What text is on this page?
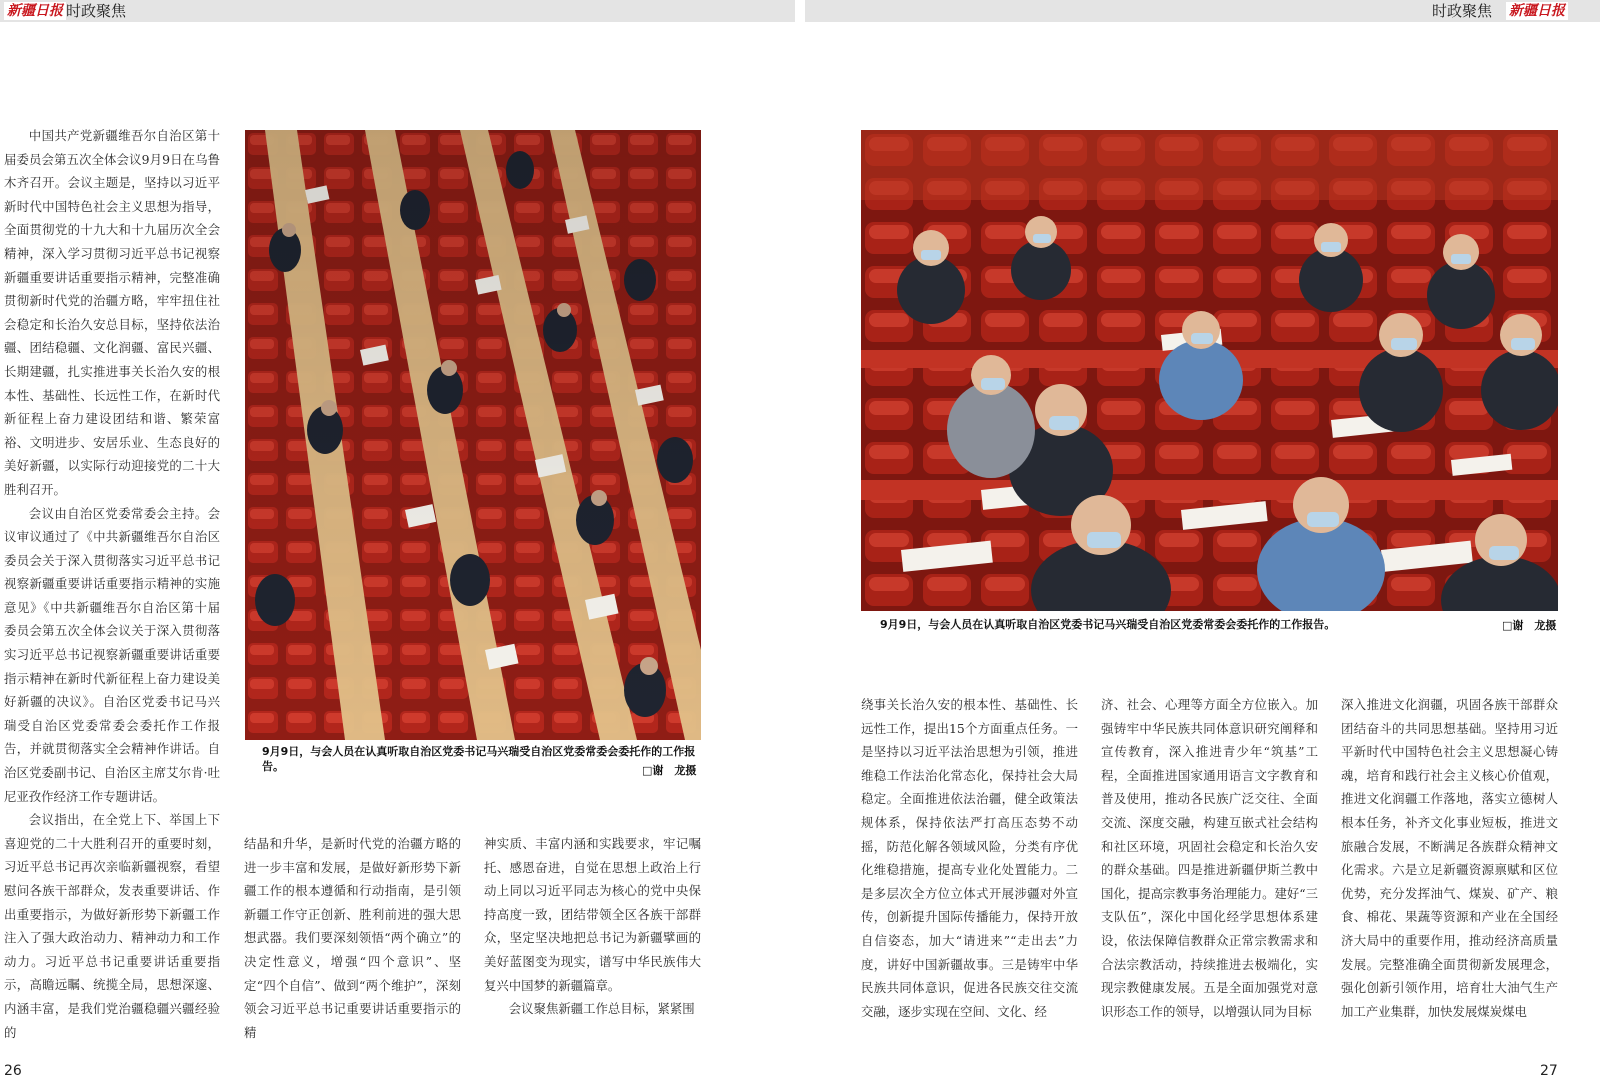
新疆日报 时政聚焦	时政聚焦 新疆日报

中国共产党新疆维吾尔自治区第十届委员会第五次全体会议9月9日在乌鲁木齐召开。会议主题是，坚持以习近平新时代中国特色社会主义思想为指导，全面贯彻党的十九大和十九届历次全会精神，深入学习贯彻习近平总书记视察新疆重要讲话重要指示精神，完整准确贯彻新时代党的治疆方略，牢牢扭住社会稳定和长治久安总目标，坚持依法治疆、团结稳疆、文化润疆、富民兴疆、长期建疆，扎实推进事关长治久安的根本性、基础性、长远性工作，在新时代新征程上奋力建设团结和谐、繁荣富裕、文明进步、安居乐业、生态良好的美好新疆，以实际行动迎接党的二十大胜利召开。

会议由自治区党委常委会主持。会议审议通过了《中共新疆维吾尔自治区委员会关于深入贯彻落实习近平总书记视察新疆重要讲话重要指示精神的实施意见》《中共新疆维吾尔自治区第十届委员会第五次全体会议关于深入贯彻落实习近平总书记视察新疆重要讲话重要指示精神在新时代新征程上奋力建设美好新疆的决议》。自治区党委书记马兴瑞受自治区党委常委会委托作工作报告，并就贯彻落实全会精神作讲话。自治区党委副书记、自治区主席艾尔肯·吐尼亚孜作经济工作专题讲话。

会议指出，在全党上下、举国上下喜迎党的二十大胜利召开的重要时刻，习近平总书记再次亲临新疆视察，看望慰问各族干部群众，发表重要讲话、作出重要指示，为做好新形势下新疆工作注入了强大政治动力、精神动力和工作动力。习近平总书记重要讲话重要指示，高瞻远瞩、统揽全局，思想深邃、内涵丰富，是我们党治疆稳疆兴疆经验的

9月9日，与会人员在认真听取自治区党委书记马兴瑞受自治区党委常委会委托作的工作报告。	□谢　龙摄

结晶和升华，是新时代党的治疆方略的进一步丰富和发展，是做好新形势下新疆工作的根本遵循和行动指南，是引领新疆工作守正创新、胜利前进的强大思想武器。我们要深刻领悟“两个确立”的决定性意义，增强“四个意识”、坚定“四个自信”、做到“两个维护”，深刻领会习近平总书记重要讲话重要指示的精

神实质、丰富内涵和实践要求，牢记嘱托、感恩奋进，自觉在思想上政治上行动上同以习近平同志为核心的党中央保持高度一致，团结带领全区各族干部群众，坚定坚决地把总书记为新疆擘画的美好蓝图变为现实，谱写中华民族伟大复兴中国梦的新疆篇章。

会议聚焦新疆工作总目标，紧紧围

26
9月9日，与会人员在认真听取自治区党委书记马兴瑞受自治区党委常委会委托作的工作报告。	□谢　龙摄

绕事关长治久安的根本性、基础性、长远性工作，提出15个方面重点任务。一是坚持以习近平法治思想为引领，推进维稳工作法治化常态化，保持社会大局稳定。全面推进依法治疆，健全政策法规体系，保持依法严打高压态势不动摇，防范化解各领域风险，分类有序优化维稳措施，提高专业化处置能力。二是多层次全方位立体式开展涉疆对外宣传，创新提升国际传播能力，保持开放自信姿态，加大“请进来”“走出去”力度，讲好中国新疆故事。三是铸牢中华民族共同体意识，促进各民族交往交流交融，逐步实现在空间、文化、经

济、社会、心理等方面全方位嵌入。加强铸牢中华民族共同体意识研究阐释和宣传教育，深入推进青少年“筑基”工程，全面推进国家通用语言文字教育和普及使用，推动各民族广泛交往、全面交流、深度交融，构建互嵌式社会结构和社区环境，巩固社会稳定和长治久安的群众基础。四是推进新疆伊斯兰教中国化，提高宗教事务治理能力。建好“三支队伍”，深化中国化经学思想体系建设，依法保障信教群众正常宗教需求和合法宗教活动，持续推进去极端化，实现宗教健康发展。五是全面加强党对意识形态工作的领导，以增强认同为目标

深入推进文化润疆，巩固各族干部群众团结奋斗的共同思想基础。坚持用习近平新时代中国特色社会主义思想凝心铸魂，培育和践行社会主义核心价值观，推进文化润疆工作落地，落实立德树人根本任务，补齐文化事业短板，推进文旅融合发展，不断满足各族群众精神文化需求。六是立足新疆资源禀赋和区位优势，充分发挥油气、煤炭、矿产、粮食、棉花、果蔬等资源和产业在全国经济大局中的重要作用，推动经济高质量发展。完整准确全面贯彻新发展理念，强化创新引领作用，培育壮大油气生产加工产业集群，加快发展煤炭煤电

27
